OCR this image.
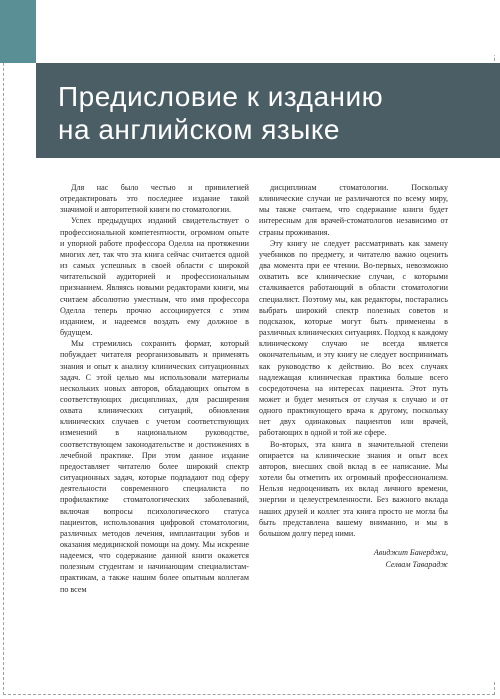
Предисловие к изданию
на английском языке

Для нас было честью и привилегией отредактировать это последнее издание такой значимой и авторитетной книги по стоматологии.

Успех предыдущих изданий свидетельствует о профессиональной компетентности, огромном опыте и упорной работе профессора Оделла на протяжении многих лет, так что эта книга сейчас считается одной из самых успешных в своей области с широкой читательской аудиторией и профессиональным признанием. Являясь новыми редакторами книги, мы считаем абсолютно уместным, что имя профессора Оделла теперь прочно ассоциируется с этим изданием, и надеемся воздать ему должное в будущем.

Мы стремились сохранить формат, который побуждает читателя реорганизовывать и применять знания и опыт к анализу клинических ситуационных задач. С этой целью мы использовали материалы нескольких новых авторов, обладающих опытом в соответствующих дисциплинах, для расширения охвата клинических ситуаций, обновления клинических случаев с учетом соответствующих изменений в национальном руководстве, соответствующем законодательстве и достижениях в лечебной практике. При этом данное издание предоставляет читателю более широкий спектр ситуационных задач, которые подпадают под сферу деятельности современного специалиста по профилактике стоматологических заболеваний, включая вопросы психологического статуса пациентов, использования цифровой стоматологии, различных методов лечения, имплантации зубов и оказания медицинской помощи на дому. Мы искренне надеемся, что содержание данной книги окажется полезным студентам и начинающим специалистам-практикам, а также нашим более опытным коллегам по всем

дисциплинам стоматологии. Поскольку клинические случаи не различаются по всему миру, мы также считаем, что содержание книги будет интересным для врачей-стоматологов независимо от страны проживания.

Эту книгу не следует рассматривать как замену учебников по предмету, и читателю важно оценить два момента при ее чтении. Во-первых, невозможно охватить все клинические случаи, с которыми сталкивается работающий в области стоматологии специалист. Поэтому мы, как редакторы, постарались выбрать широкий спектр полезных советов и подсказок, которые могут быть применены в различных клинических ситуациях. Подход к каждому клиническому случаю не всегда является окончательным, и эту книгу не следует воспринимать как руководство к действию. Во всех случаях надлежащая клиническая практика больше всего сосредоточена на интересах пациента. Этот путь может и будет меняться от случая к случаю и от одного практикующего врача к другому, поскольку нет двух одинаковых пациентов или врачей, работающих в одной и той же сфере.

Во-вторых, эта книга в значительной степени опирается на клинические знания и опыт всех авторов, внесших свой вклад в ее написание. Мы хотели бы отметить их огромный профессионализм. Нельзя недооценивать их вклад личного времени, энергии и целеустремленности. Без важного вклада наших друзей и коллег эта книга просто не могла бы быть представлена вашему вниманию, и мы в большом долгу перед ними.

Авиджит Банерджи,
Селвам Таварадж
